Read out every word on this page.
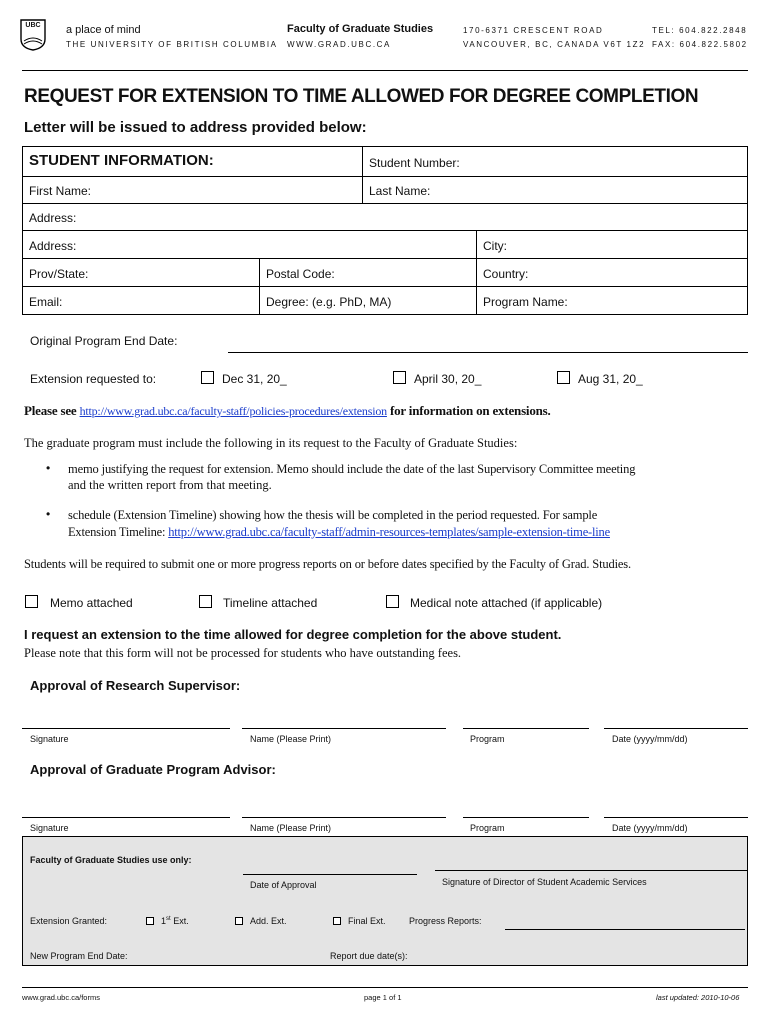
UBC	a place of mind
THE UNIVERSITY OF BRITISH COLUMBIA
Faculty of Graduate Studies
WWW.GRAD.UBC.CA
170-6371 CRESCENT ROAD
VANCOUVER, BC, CANADA V6T 1Z2
TEL: 604.822.2848
FAX: 604.822.5802
REQUEST FOR EXTENSION TO TIME ALLOWED FOR DEGREE COMPLETION
Letter will be issued to address provided below:
STUDENT INFORMATION:	Student Number:
First Name:	Last Name:
Address:
Address:	City:
Prov/State:	Postal Code:	Country:
Email:	Degree: (e.g. PhD, MA)	Program Name:
Original Program End Date:
Extension requested to:	Dec 31, 20_	April 30, 20_	Aug 31, 20_
Please see http://www.grad.ubc.ca/faculty-staff/policies-procedures/extension for information on extensions.
The graduate program must include the following in its request to the Faculty of Graduate Studies:
• memo justifying the request for extension. Memo should include the date of the last Supervisory Committee meeting
and the written report from that meeting.
• schedule (Extension Timeline) showing how the thesis will be completed in the period requested. For sample
Extension Timeline: http://www.grad.ubc.ca/faculty-staff/admin-resources-templates/sample-extension-time-line
Students will be required to submit one or more progress reports on or before dates specified by the Faculty of Grad. Studies.
Memo attached	Timeline attached	Medical note attached (if applicable)
I request an extension to the time allowed for degree completion for the above student.
Please note that this form will not be processed for students who have outstanding fees.
Approval of Research Supervisor:
Signature	Name (Please Print)	Program	Date (yyyy/mm/dd)
Approval of Graduate Program Advisor:
Signature	Name (Please Print)	Program	Date (yyyy/mm/dd)
Faculty of Graduate Studies use only:
Date of Approval	Signature of Director of Student Academic Services
Extension Granted:	1st Ext.	Add. Ext.	Final Ext.	Progress Reports:
New Program End Date:	Report due date(s):
www.grad.ubc.ca/forms	page 1 of 1	last updated: 2010-10-06
